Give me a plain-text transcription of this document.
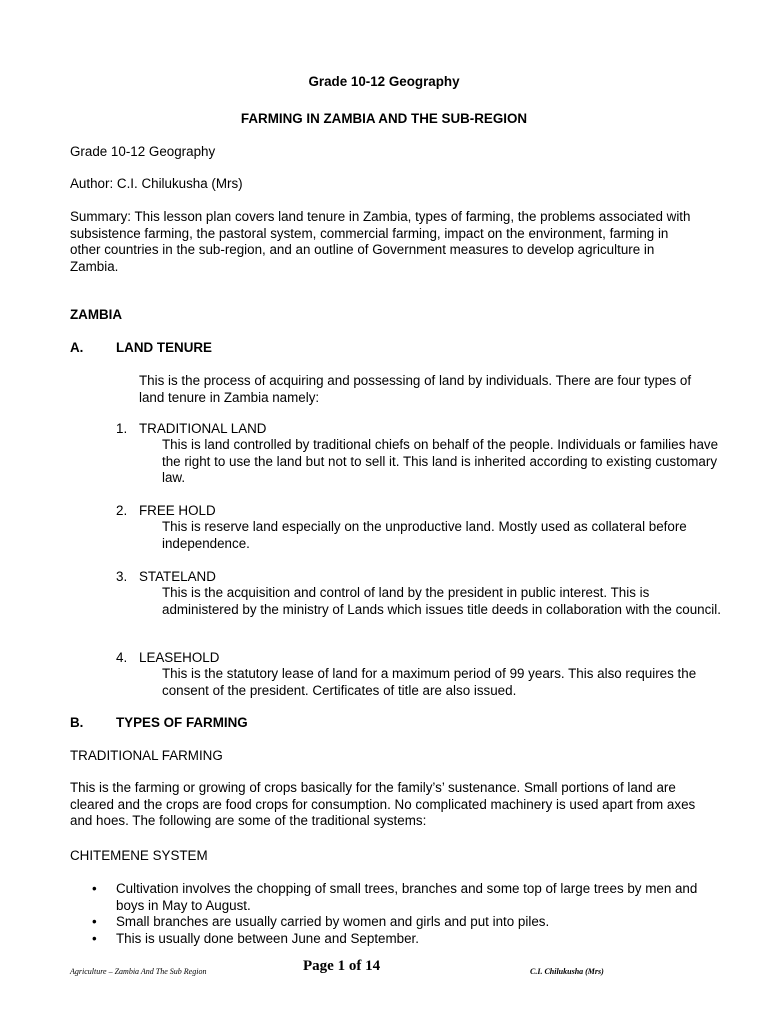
Grade 10-12 Geography
FARMING IN ZAMBIA AND THE SUB-REGION
Grade 10-12 Geography
Author: C.I. Chilukusha (Mrs)
Summary: This lesson plan covers land tenure in Zambia, types of farming, the problems associated with subsistence farming, the pastoral system, commercial farming, impact on the environment, farming in other countries in the sub-region, and an outline of Government measures to develop agriculture in Zambia.
ZAMBIA
A. LAND TENURE
This is the process of acquiring and possessing of land by individuals. There are four types of land tenure in Zambia namely:
1. TRADITIONAL LAND
This is land controlled by traditional chiefs on behalf of the people. Individuals or families have the right to use the land but not to sell it. This land is inherited according to existing customary law.
2. FREE HOLD
This is reserve land especially on the unproductive land. Mostly used as collateral before independence.
3. STATELAND
This is the acquisition and control of land by the president in public interest. This is administered by the ministry of Lands which issues title deeds in collaboration with the council.
4. LEASEHOLD
This is the statutory lease of land for a maximum period of 99 years. This also requires the consent of the president. Certificates of title are also issued.
B. TYPES OF FARMING
TRADITIONAL FARMING
This is the farming or growing of crops basically for the family’s’ sustenance. Small portions of land are cleared and the crops are food crops for consumption. No complicated machinery is used apart from axes and hoes. The following are some of the traditional systems:
CHITEMENE SYSTEM
• Cultivation involves the chopping of small trees, branches and some top of large trees by men and boys in May to August.
• Small branches are usually carried by women and girls and put into piles.
• This is usually done between June and September.
Agriculture – Zambia And The Sub Region	Page 1 of 14	C.I. Chilukusha (Mrs)
